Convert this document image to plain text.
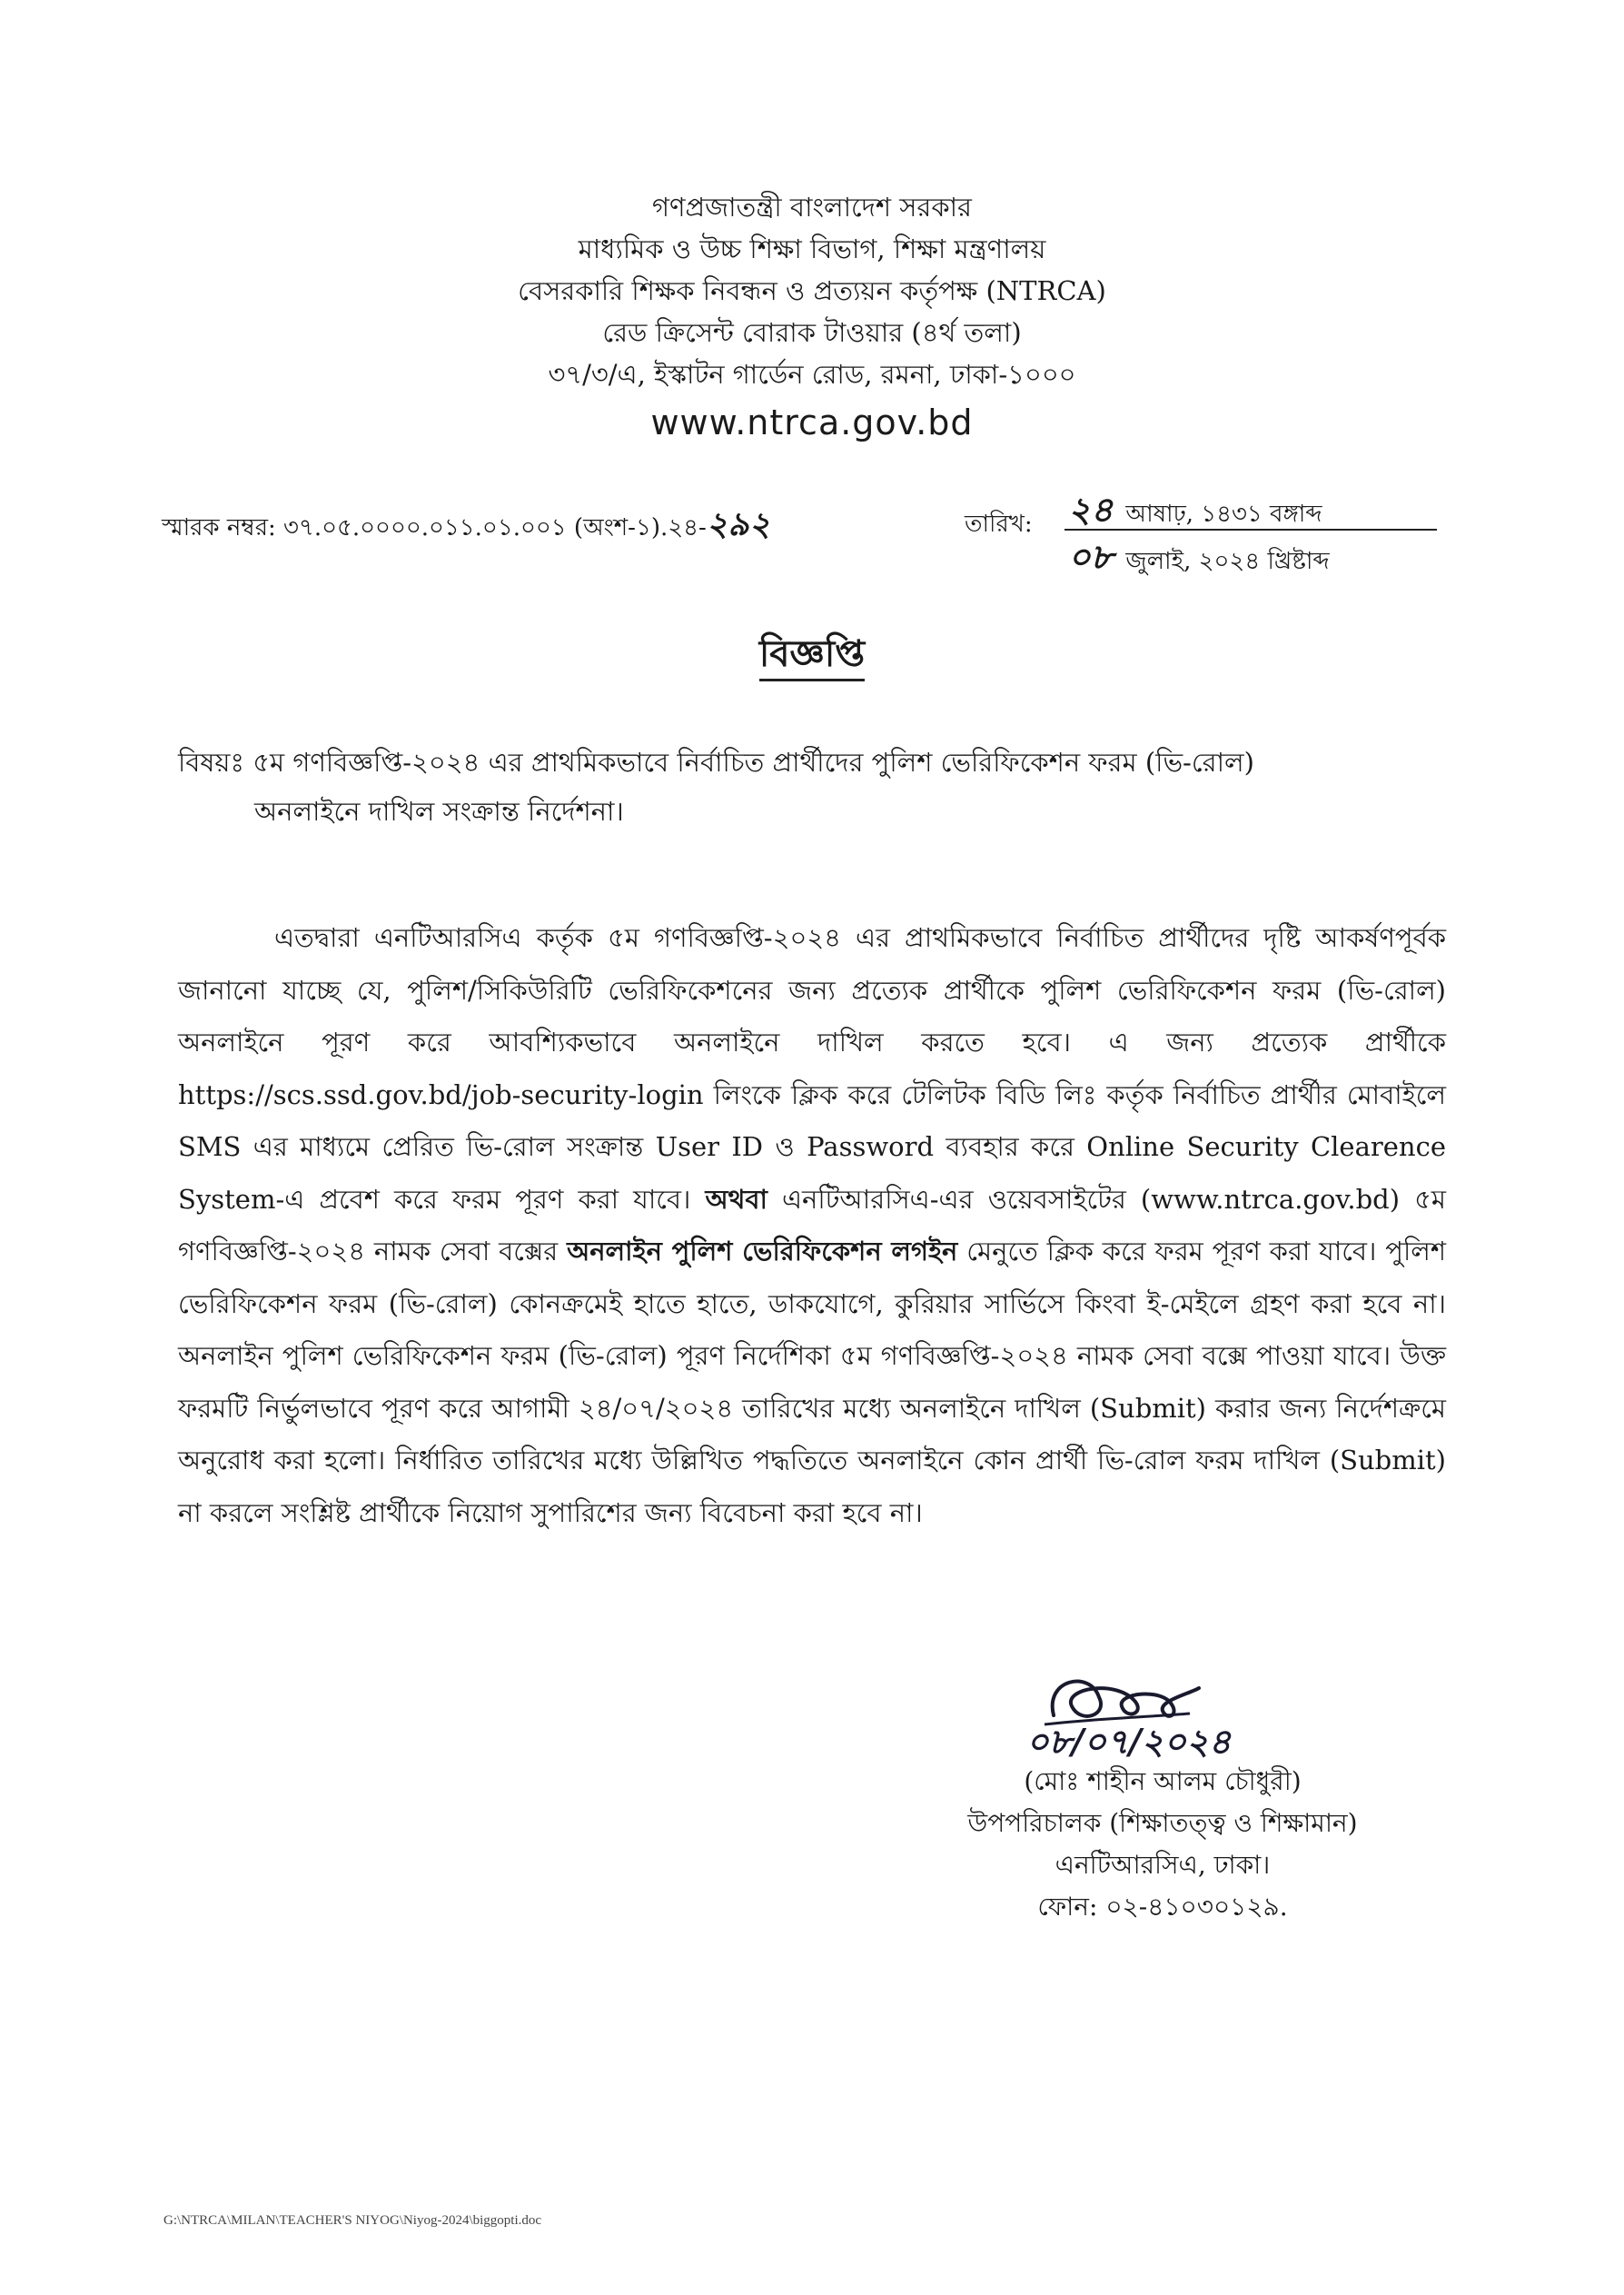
গণপ্রজাতন্ত্রী বাংলাদেশ সরকার
মাধ্যমিক ও উচ্চ শিক্ষা বিভাগ, শিক্ষা মন্ত্রণালয়
বেসরকারি শিক্ষক নিবন্ধন ও প্রত্যয়ন কর্তৃপক্ষ (NTRCA)
রেড ক্রিসেন্ট বোরাক টাওয়ার (৪র্থ তলা)
৩৭/৩/এ, ইস্কাটন গার্ডেন রোড, রমনা, ঢাকা-১০০০
www.ntrca.gov.bd
স্মারক নম্বর: ৩৭.০৫.০০০০.০১১.০১.০০১ (অংশ-১).২৪-২৯২	তারিখ: ২৪ আষাঢ়, ১৪৩১ বঙ্গাব্দ
০৮ জুলাই, ২০২৪ খ্রিষ্টাব্দ
বিজ্ঞপ্তি
বিষয়ঃ ৫ম গণবিজ্ঞপ্তি-২০২৪ এর প্রাথমিকভাবে নির্বাচিত প্রার্থীদের পুলিশ ভেরিফিকেশন ফরম (ভি-রোল)
অনলাইনে দাখিল সংক্রান্ত নির্দেশনা।
এতদ্বারা এনটিআরসিএ কর্তৃক ৫ম গণবিজ্ঞপ্তি-২০২৪ এর প্রাথমিকভাবে নির্বাচিত প্রার্থীদের দৃষ্টি আকর্ষণপূর্বক জানানো যাচ্ছে যে, পুলিশ/সিকিউরিটি ভেরিফিকেশনের জন্য প্রত্যেক প্রার্থীকে পুলিশ ভেরিফিকেশন ফরম (ভি-রোল) অনলাইনে পূরণ করে আবশ্যিকভাবে অনলাইনে দাখিল করতে হবে। এ জন্য প্রত্যেক প্রার্থীকে https://scs.ssd.gov.bd/job-security-login লিংকে ক্লিক করে টেলিটক বিডি লিঃ কর্তৃক নির্বাচিত প্রার্থীর মোবাইলে SMS এর মাধ্যমে প্রেরিত ভি-রোল সংক্রান্ত User ID ও Password ব্যবহার করে Online Security Clearence System-এ প্রবেশ করে ফরম পূরণ করা যাবে। অথবা এনটিআরসিএ-এর ওয়েবসাইটের (www.ntrca.gov.bd) ৫ম গণবিজ্ঞপ্তি-২০২৪ নামক সেবা বক্সের অনলাইন পুলিশ ভেরিফিকেশন লগইন মেনুতে ক্লিক করে ফরম পূরণ করা যাবে। পুলিশ ভেরিফিকেশন ফরম (ভি-রোল) কোনক্রমেই হাতে হাতে, ডাকযোগে, কুরিয়ার সার্ভিসে কিংবা ই-মেইলে গ্রহণ করা হবে না। অনলাইন পুলিশ ভেরিফিকেশন ফরম (ভি-রোল) পূরণ নির্দেশিকা ৫ম গণবিজ্ঞপ্তি-২০২৪ নামক সেবা বক্সে পাওয়া যাবে। উক্ত ফরমটি নির্ভুলভাবে পূরণ করে আগামী ২৪/০৭/২০২৪ তারিখের মধ্যে অনলাইনে দাখিল (Submit) করার জন্য নির্দেশক্রমে অনুরোধ করা হলো। নির্ধারিত তারিখের মধ্যে উল্লিখিত পদ্ধতিতে অনলাইনে কোন প্রার্থী ভি-রোল ফরম দাখিল (Submit) না করলে সংশ্লিষ্ট প্রার্থীকে নিয়োগ সুপারিশের জন্য বিবেচনা করা হবে না।
০৮/০৭/২০২৪
(মোঃ শাহীন আলম চৌধুরী)
উপপরিচালক (শিক্ষাতত্ত্ব ও শিক্ষামান)
এনটিআরসিএ, ঢাকা।
ফোন: ০২-৪১০৩০১২৯.
G:\NTRCA\MILAN\TEACHER'S NIYOG\Niyog-2024\biggopti.doc
